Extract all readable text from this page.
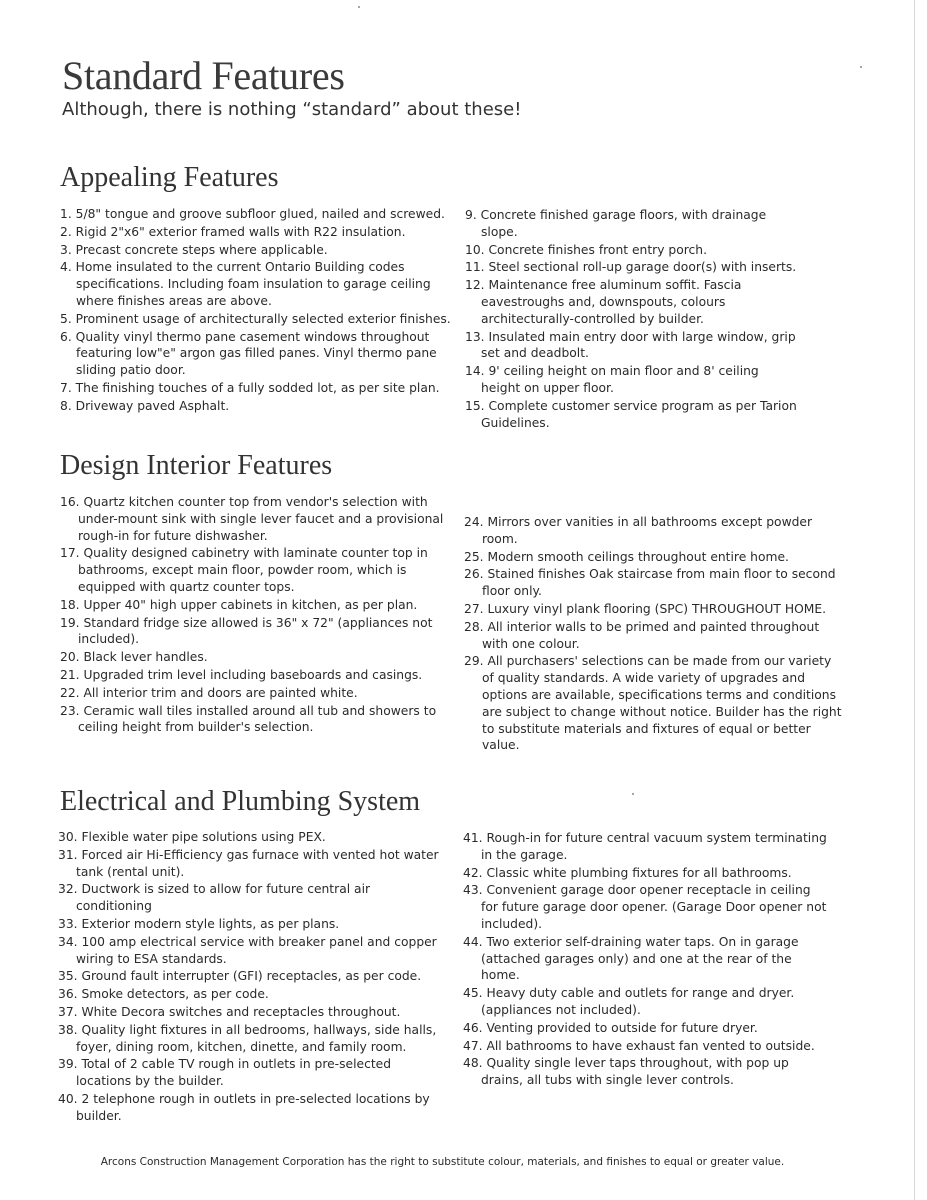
Standard Features
Although, there is nothing “standard” about these!
Appealing Features
1. 5/8" tongue and groove subfloor glued, nailed and screwed.
2. Rigid 2"x6" exterior framed walls with R22 insulation.
3. Precast concrete steps where applicable.
4. Home insulated to the current Ontario Building codes specifications. Including foam insulation to garage ceiling where finishes areas are above.
5. Prominent usage of architecturally selected exterior finishes.
6. Quality vinyl thermo pane casement windows throughout featuring low"e" argon gas filled panes. Vinyl thermo pane sliding patio door.
7. The finishing touches of a fully sodded lot, as per site plan.
8. Driveway paved Asphalt.
9. Concrete finished garage floors, with drainage slope.
10. Concrete finishes front entry porch.
11. Steel sectional roll-up garage door(s) with inserts.
12. Maintenance free aluminum soffit. Fascia eavestroughs and, downspouts, colours architecturally-controlled by builder.
13. Insulated main entry door with large window, grip set and deadbolt.
14. 9' ceiling height on main floor and 8' ceiling height on upper floor.
15. Complete customer service program as per Tarion Guidelines.
Design Interior Features
16. Quartz kitchen counter top from vendor's selection with under-mount sink with single lever faucet and a provisional rough-in for future dishwasher.
17. Quality designed cabinetry with laminate counter top in bathrooms, except main floor, powder room, which is equipped with quartz counter tops.
18. Upper 40" high upper cabinets in kitchen, as per plan.
19. Standard fridge size allowed is 36" x 72" (appliances not included).
20. Black lever handles.
21. Upgraded trim level including baseboards and casings.
22. All interior trim and doors are painted white.
23. Ceramic wall tiles installed around all tub and showers to ceiling height from builder's selection.
24. Mirrors over vanities in all bathrooms except powder room.
25. Modern smooth ceilings throughout entire home.
26. Stained finishes Oak staircase from main floor to second floor only.
27. Luxury vinyl plank flooring (SPC) THROUGHOUT HOME.
28. All interior walls to be primed and painted throughout with one colour.
29. All purchasers' selections can be made from our variety of quality standards. A wide variety of upgrades and options are available, specifications terms and conditions are subject to change without notice. Builder has the right to substitute materials and fixtures of equal or better value.
Electrical and Plumbing System
30. Flexible water pipe solutions using PEX.
31. Forced air Hi-Efficiency gas furnace with vented hot water tank (rental unit).
32. Ductwork is sized to allow for future central air conditioning
33. Exterior modern style lights, as per plans.
34. 100 amp electrical service with breaker panel and copper wiring to ESA standards.
35. Ground fault interrupter (GFI) receptacles, as per code.
36. Smoke detectors, as per code.
37. White Decora switches and receptacles throughout.
38. Quality light fixtures in all bedrooms, hallways, side halls, foyer, dining room, kitchen, dinette, and family room.
39. Total of 2 cable TV rough in outlets in pre-selected locations by the builder.
40. 2 telephone rough in outlets in pre-selected locations by builder.
41. Rough-in for future central vacuum system terminating in the garage.
42. Classic white plumbing fixtures for all bathrooms.
43. Convenient garage door opener receptacle in ceiling for future garage door opener. (Garage Door opener not included).
44. Two exterior self-draining water taps. On in garage (attached garages only) and one at the rear of the home.
45. Heavy duty cable and outlets for range and dryer. (appliances not included).
46. Venting provided to outside for future dryer.
47. All bathrooms to have exhaust fan vented to outside.
48. Quality single lever taps throughout, with pop up drains, all tubs with single lever controls.

Arcons Construction Management Corporation has the right to substitute colour, materials, and finishes to equal or greater value.
